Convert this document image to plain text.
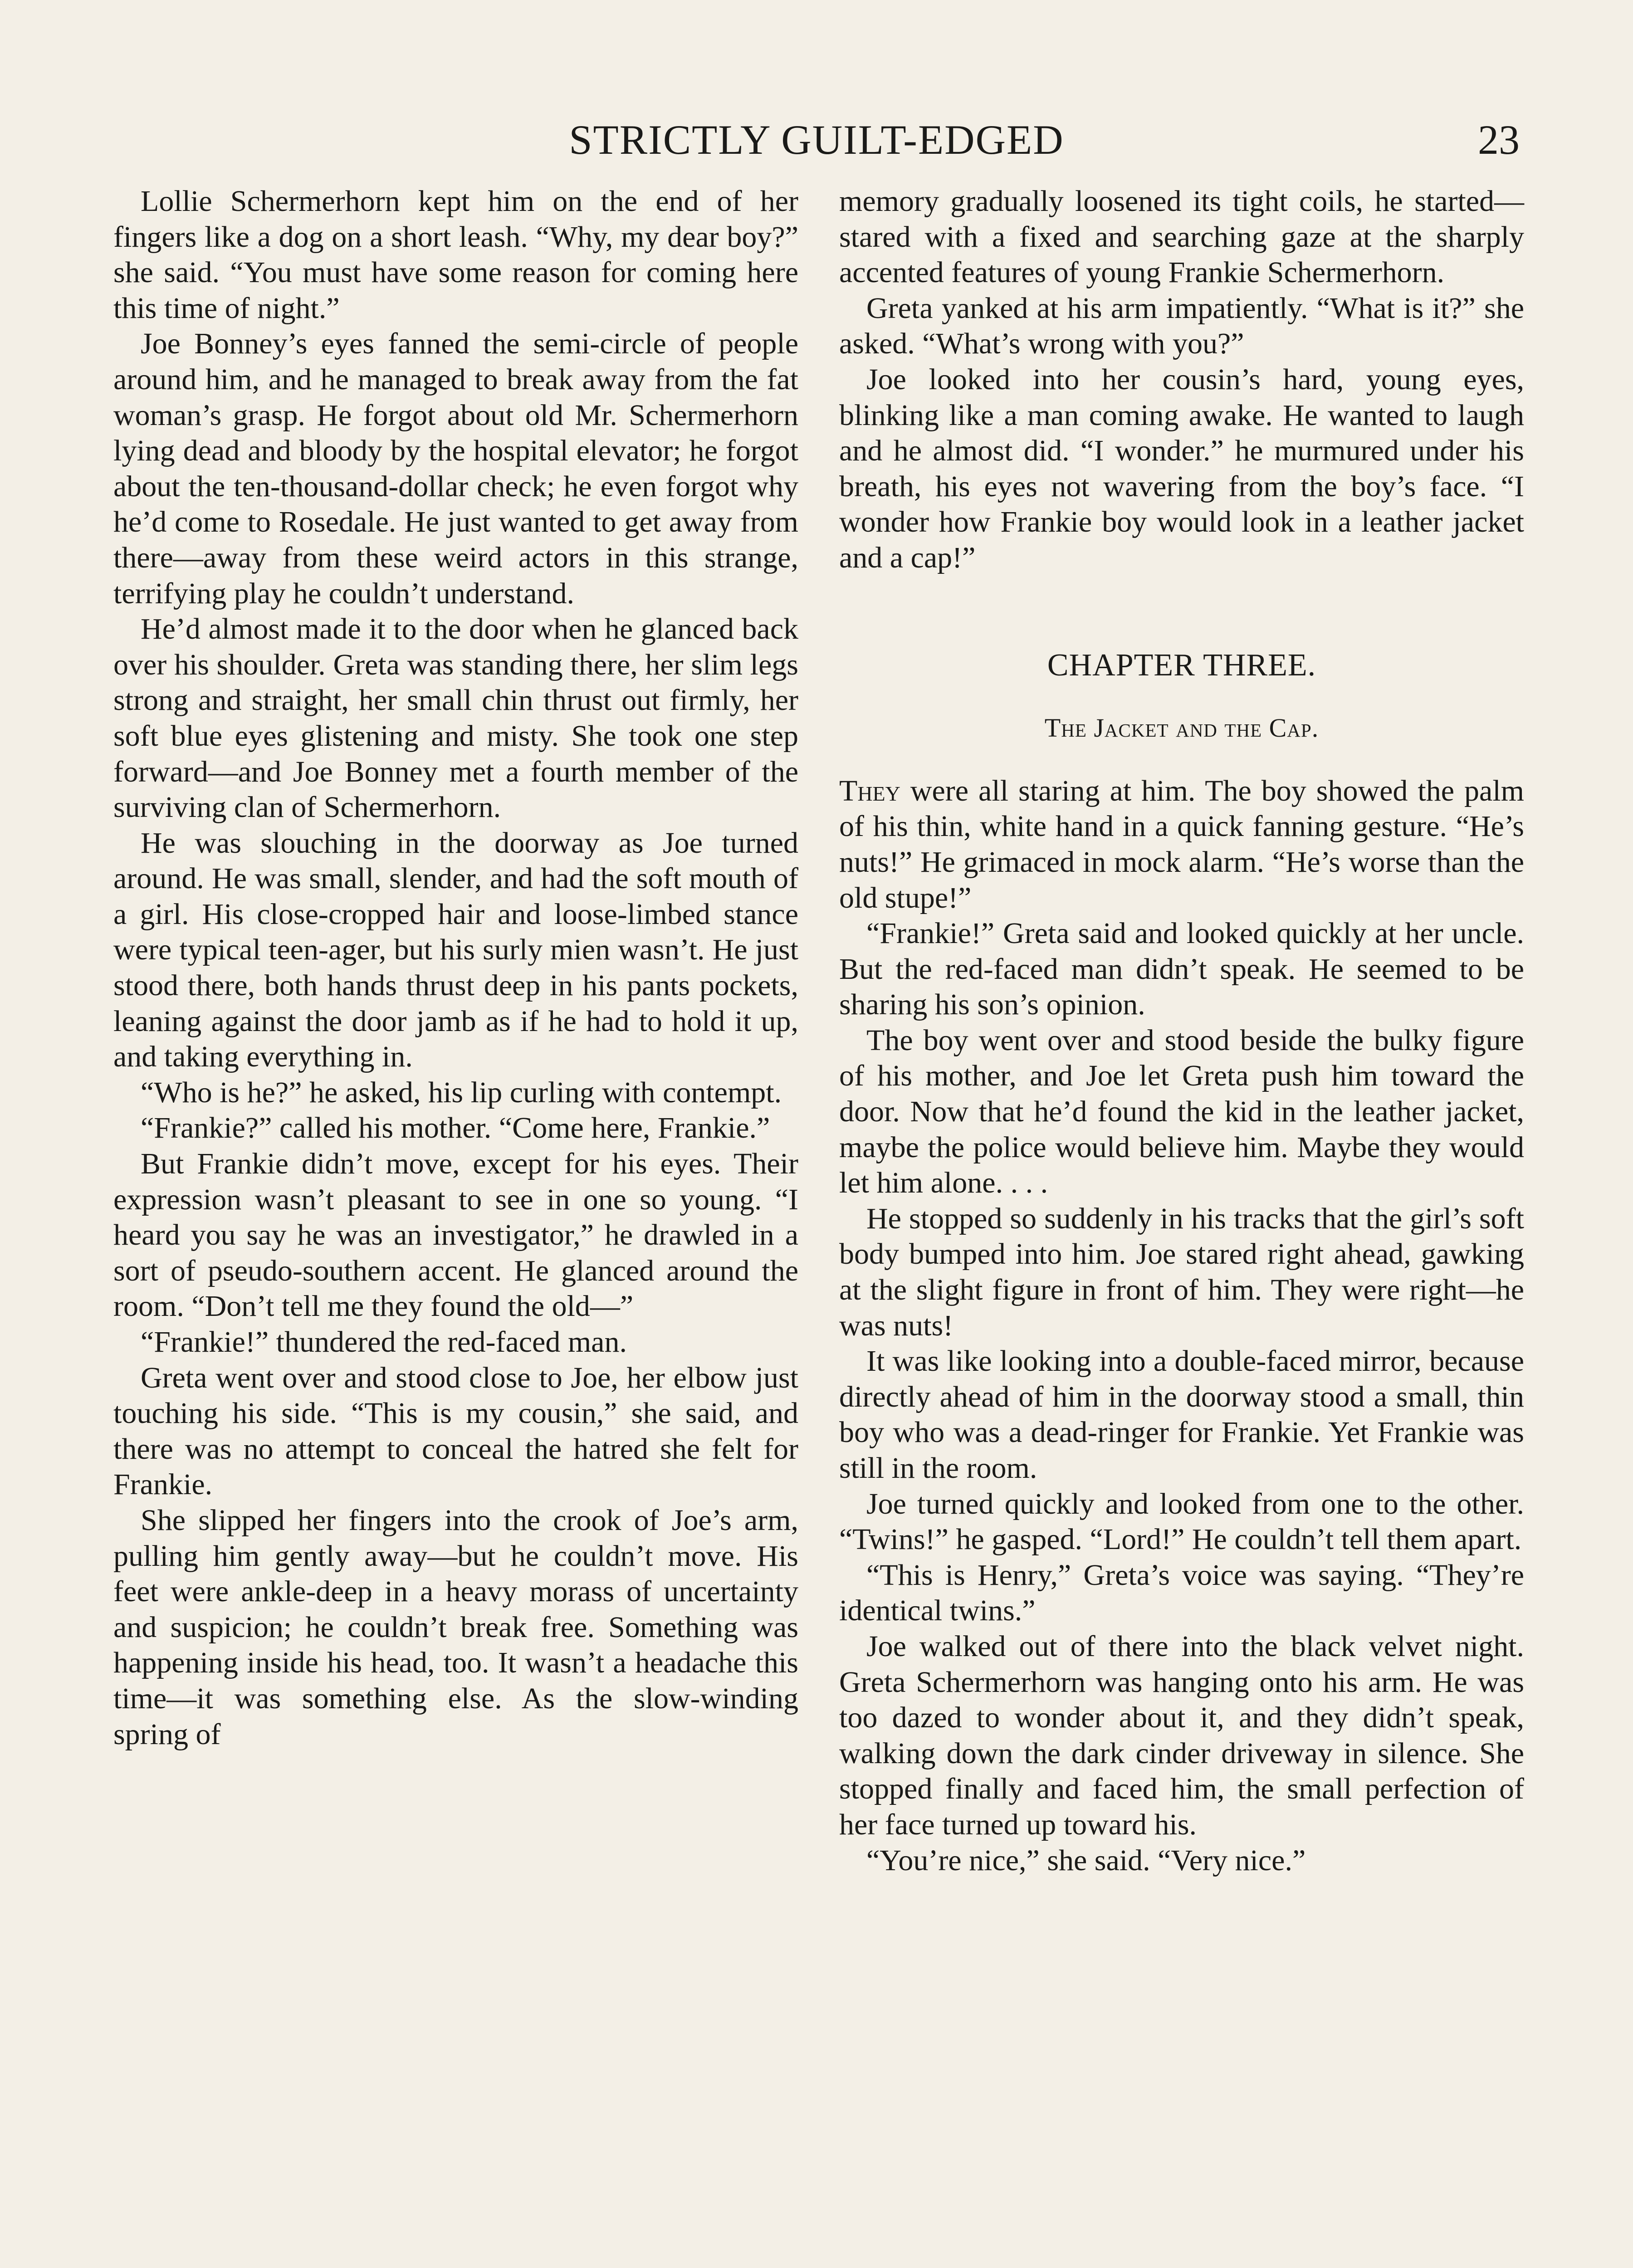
STRICTLY GUILT-EDGED	23

Lollie Schermerhorn kept him on the end of her fingers like a dog on a short leash. “Why, my dear boy?” she said. “You must have some reason for coming here this time of night.”

Joe Bonney’s eyes fanned the semi-circle of people around him, and he managed to break away from the fat woman’s grasp. He forgot about old Mr. Schermerhorn lying dead and bloody by the hospital elevator; he forgot about the ten-thousand-dollar check; he even forgot why he’d come to Rosedale. He just wanted to get away from there—away from these weird actors in this strange, terrifying play he couldn’t understand.

He’d almost made it to the door when he glanced back over his shoulder. Greta was standing there, her slim legs strong and straight, her small chin thrust out firmly, her soft blue eyes glistening and misty. She took one step forward—and Joe Bonney met a fourth member of the surviving clan of Schermerhorn.

He was slouching in the doorway as Joe turned around. He was small, slender, and had the soft mouth of a girl. His close-cropped hair and loose-limbed stance were typical teen-ager, but his surly mien wasn’t. He just stood there, both hands thrust deep in his pants pockets, leaning against the door jamb as if he had to hold it up, and taking everything in.

“Who is he?” he asked, his lip curling with contempt.

“Frankie?” called his mother. “Come here, Frankie.”

But Frankie didn’t move, except for his eyes. Their expression wasn’t pleasant to see in one so young. “I heard you say he was an investigator,” he drawled in a sort of pseudo-southern accent. He glanced around the room. “Don’t tell me they found the old—”

“Frankie!” thundered the red-faced man.

Greta went over and stood close to Joe, her elbow just touching his side. “This is my cousin,” she said, and there was no attempt to conceal the hatred she felt for Frankie.

She slipped her fingers into the crook of Joe’s arm, pulling him gently away—but he couldn’t move. His feet were ankle-deep in a heavy morass of uncertainty and suspicion; he couldn’t break free. Something was happening inside his head, too. It wasn’t a headache this time—it was something else. As the slow-winding spring of

memory gradually loosened its tight coils, he started—stared with a fixed and searching gaze at the sharply accented features of young Frankie Schermerhorn.

Greta yanked at his arm impatiently. “What is it?” she asked. “What’s wrong with you?”

Joe looked into her cousin’s hard, young eyes, blinking like a man coming awake. He wanted to laugh and he almost did. “I wonder.” he murmured under his breath, his eyes not wavering from the boy’s face. “I wonder how Frankie boy would look in a leather jacket and a cap!”

CHAPTER THREE.

The Jacket and the Cap.

They were all staring at him. The boy showed the palm of his thin, white hand in a quick fanning gesture. “He’s nuts!” He grimaced in mock alarm. “He’s worse than the old stupe!”

“Frankie!” Greta said and looked quickly at her uncle. But the red-faced man didn’t speak. He seemed to be sharing his son’s opinion.

The boy went over and stood beside the bulky figure of his mother, and Joe let Greta push him toward the door. Now that he’d found the kid in the leather jacket, maybe the police would believe him. Maybe they would let him alone. . . .

He stopped so suddenly in his tracks that the girl’s soft body bumped into him. Joe stared right ahead, gawking at the slight figure in front of him. They were right—he was nuts!

It was like looking into a double-faced mirror, because directly ahead of him in the doorway stood a small, thin boy who was a dead-ringer for Frankie. Yet Frankie was still in the room.

Joe turned quickly and looked from one to the other. “Twins!” he gasped. “Lord!” He couldn’t tell them apart.

“This is Henry,” Greta’s voice was saying. “They’re identical twins.”

Joe walked out of there into the black velvet night. Greta Schermerhorn was hanging onto his arm. He was too dazed to wonder about it, and they didn’t speak, walking down the dark cinder driveway in silence. She stopped finally and faced him, the small perfection of her face turned up toward his.

“You’re nice,” she said. “Very nice.”
